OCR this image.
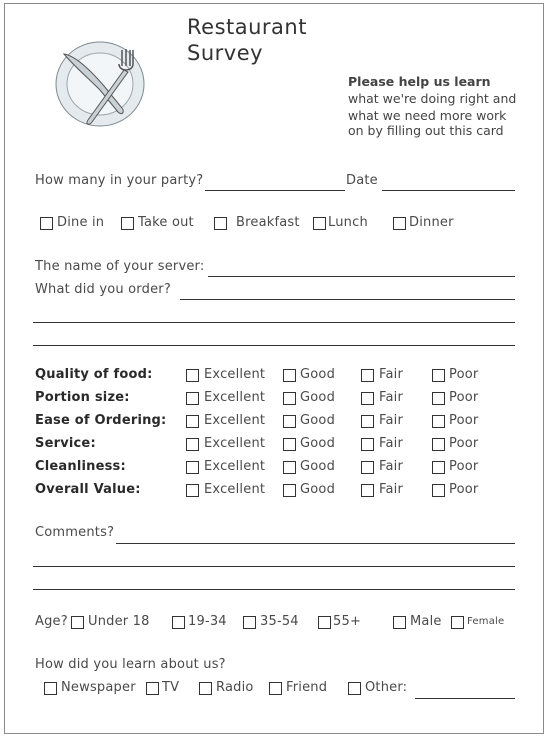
Restaurant
Survey
Please help us learn
what we're doing right and
what we need more work
on by filling out this card
How many in your party?	Date
Dine in	Take out	Breakfast Lunch	Dinner
The name of your server:
What did you order?
Quality of food:	Excellent	Good	Fair	Poor
Portion size:	Excellent	Good	Fair	Poor
Ease of Ordering:	Excellent	Good	Fair	Poor
Service:	Excellent	Good	Fair	Poor
Cleanliness:	Excellent	Good	Fair	Poor
Overall Value:	Excellent	Good	Fair	Poor
Comments?
Age? Under 18	19-34	35-54	55+	Male	Female
How did you learn about us?
Newspaper TV	Radio Friend	Other:
